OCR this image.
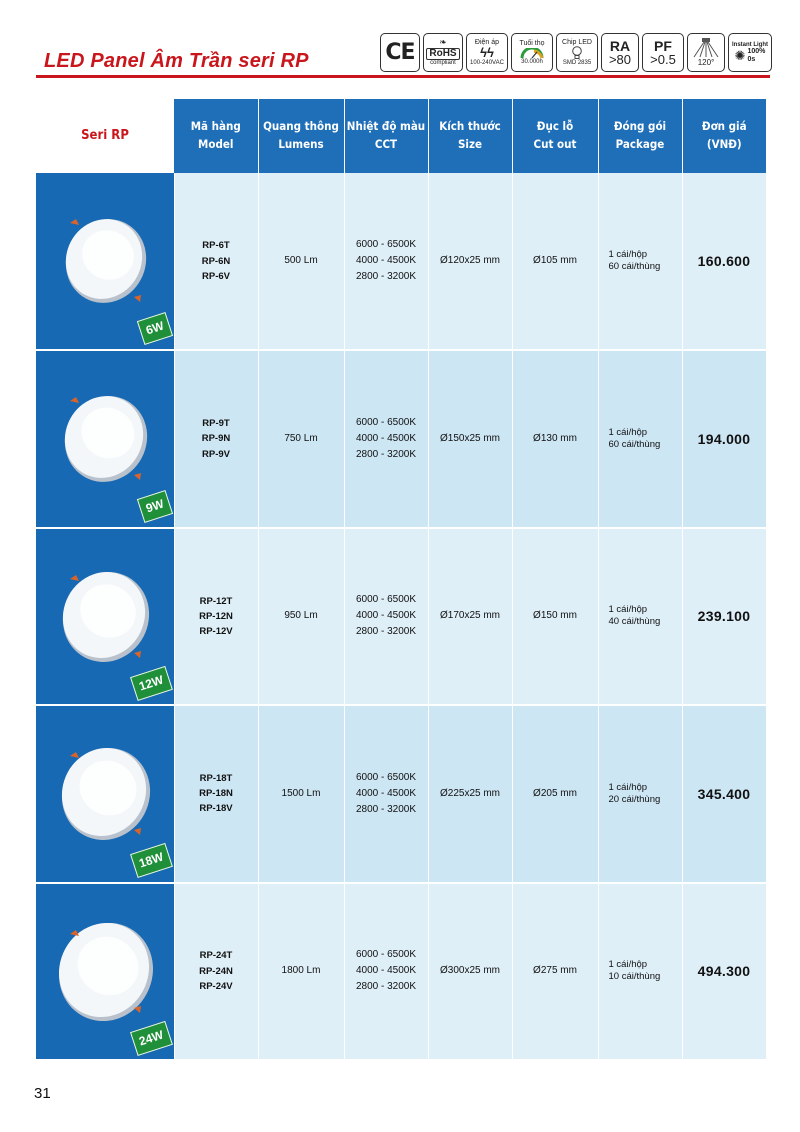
LED Panel Âm Trần seri RP	CE	❧
RoHS
compliant
Điện áp
ϟϟ
100-240VAC
Tuổi thọ
30.000h
Chip LED
SMD 2835
RA
>80
PF
>0.5	120°
Instant Light
✺ 100%
0s
Seri RP	Mã hàng
Model	Quang thông
Lumens	Nhiệt độ màu
CCT	Kích thước
Size	Đục lỗ
Cut out	Đóng gói
Package	Đơn giá
(VNĐ)

6W	RP-6T
RP-6N
RP-6V	500 Lm	6000 - 6500K
4000 - 4500K
2800 - 3200K	Ø120x25 mm	Ø105 mm	1 cái/hộp
60 cái/thùng	160.600

9W	RP-9T
RP-9N
RP-9V	750 Lm	6000 - 6500K
4000 - 4500K
2800 - 3200K	Ø150x25 mm	Ø130 mm	1 cái/hộp
60 cái/thùng	194.000

12W	RP-12T
RP-12N
RP-12V	950 Lm	6000 - 6500K
4000 - 4500K
2800 - 3200K	Ø170x25 mm	Ø150 mm	1 cái/hộp
40 cái/thùng	239.100

18W	RP-18T
RP-18N
RP-18V	1500 Lm	6000 - 6500K
4000 - 4500K
2800 - 3200K	Ø225x25 mm	Ø205 mm	1 cái/hộp
20 cái/thùng	345.400

24W	RP-24T
RP-24N
RP-24V	1800 Lm	6000 - 6500K
4000 - 4500K
2800 - 3200K	Ø300x25 mm	Ø275 mm	1 cái/hộp
10 cái/thùng	494.300
31
